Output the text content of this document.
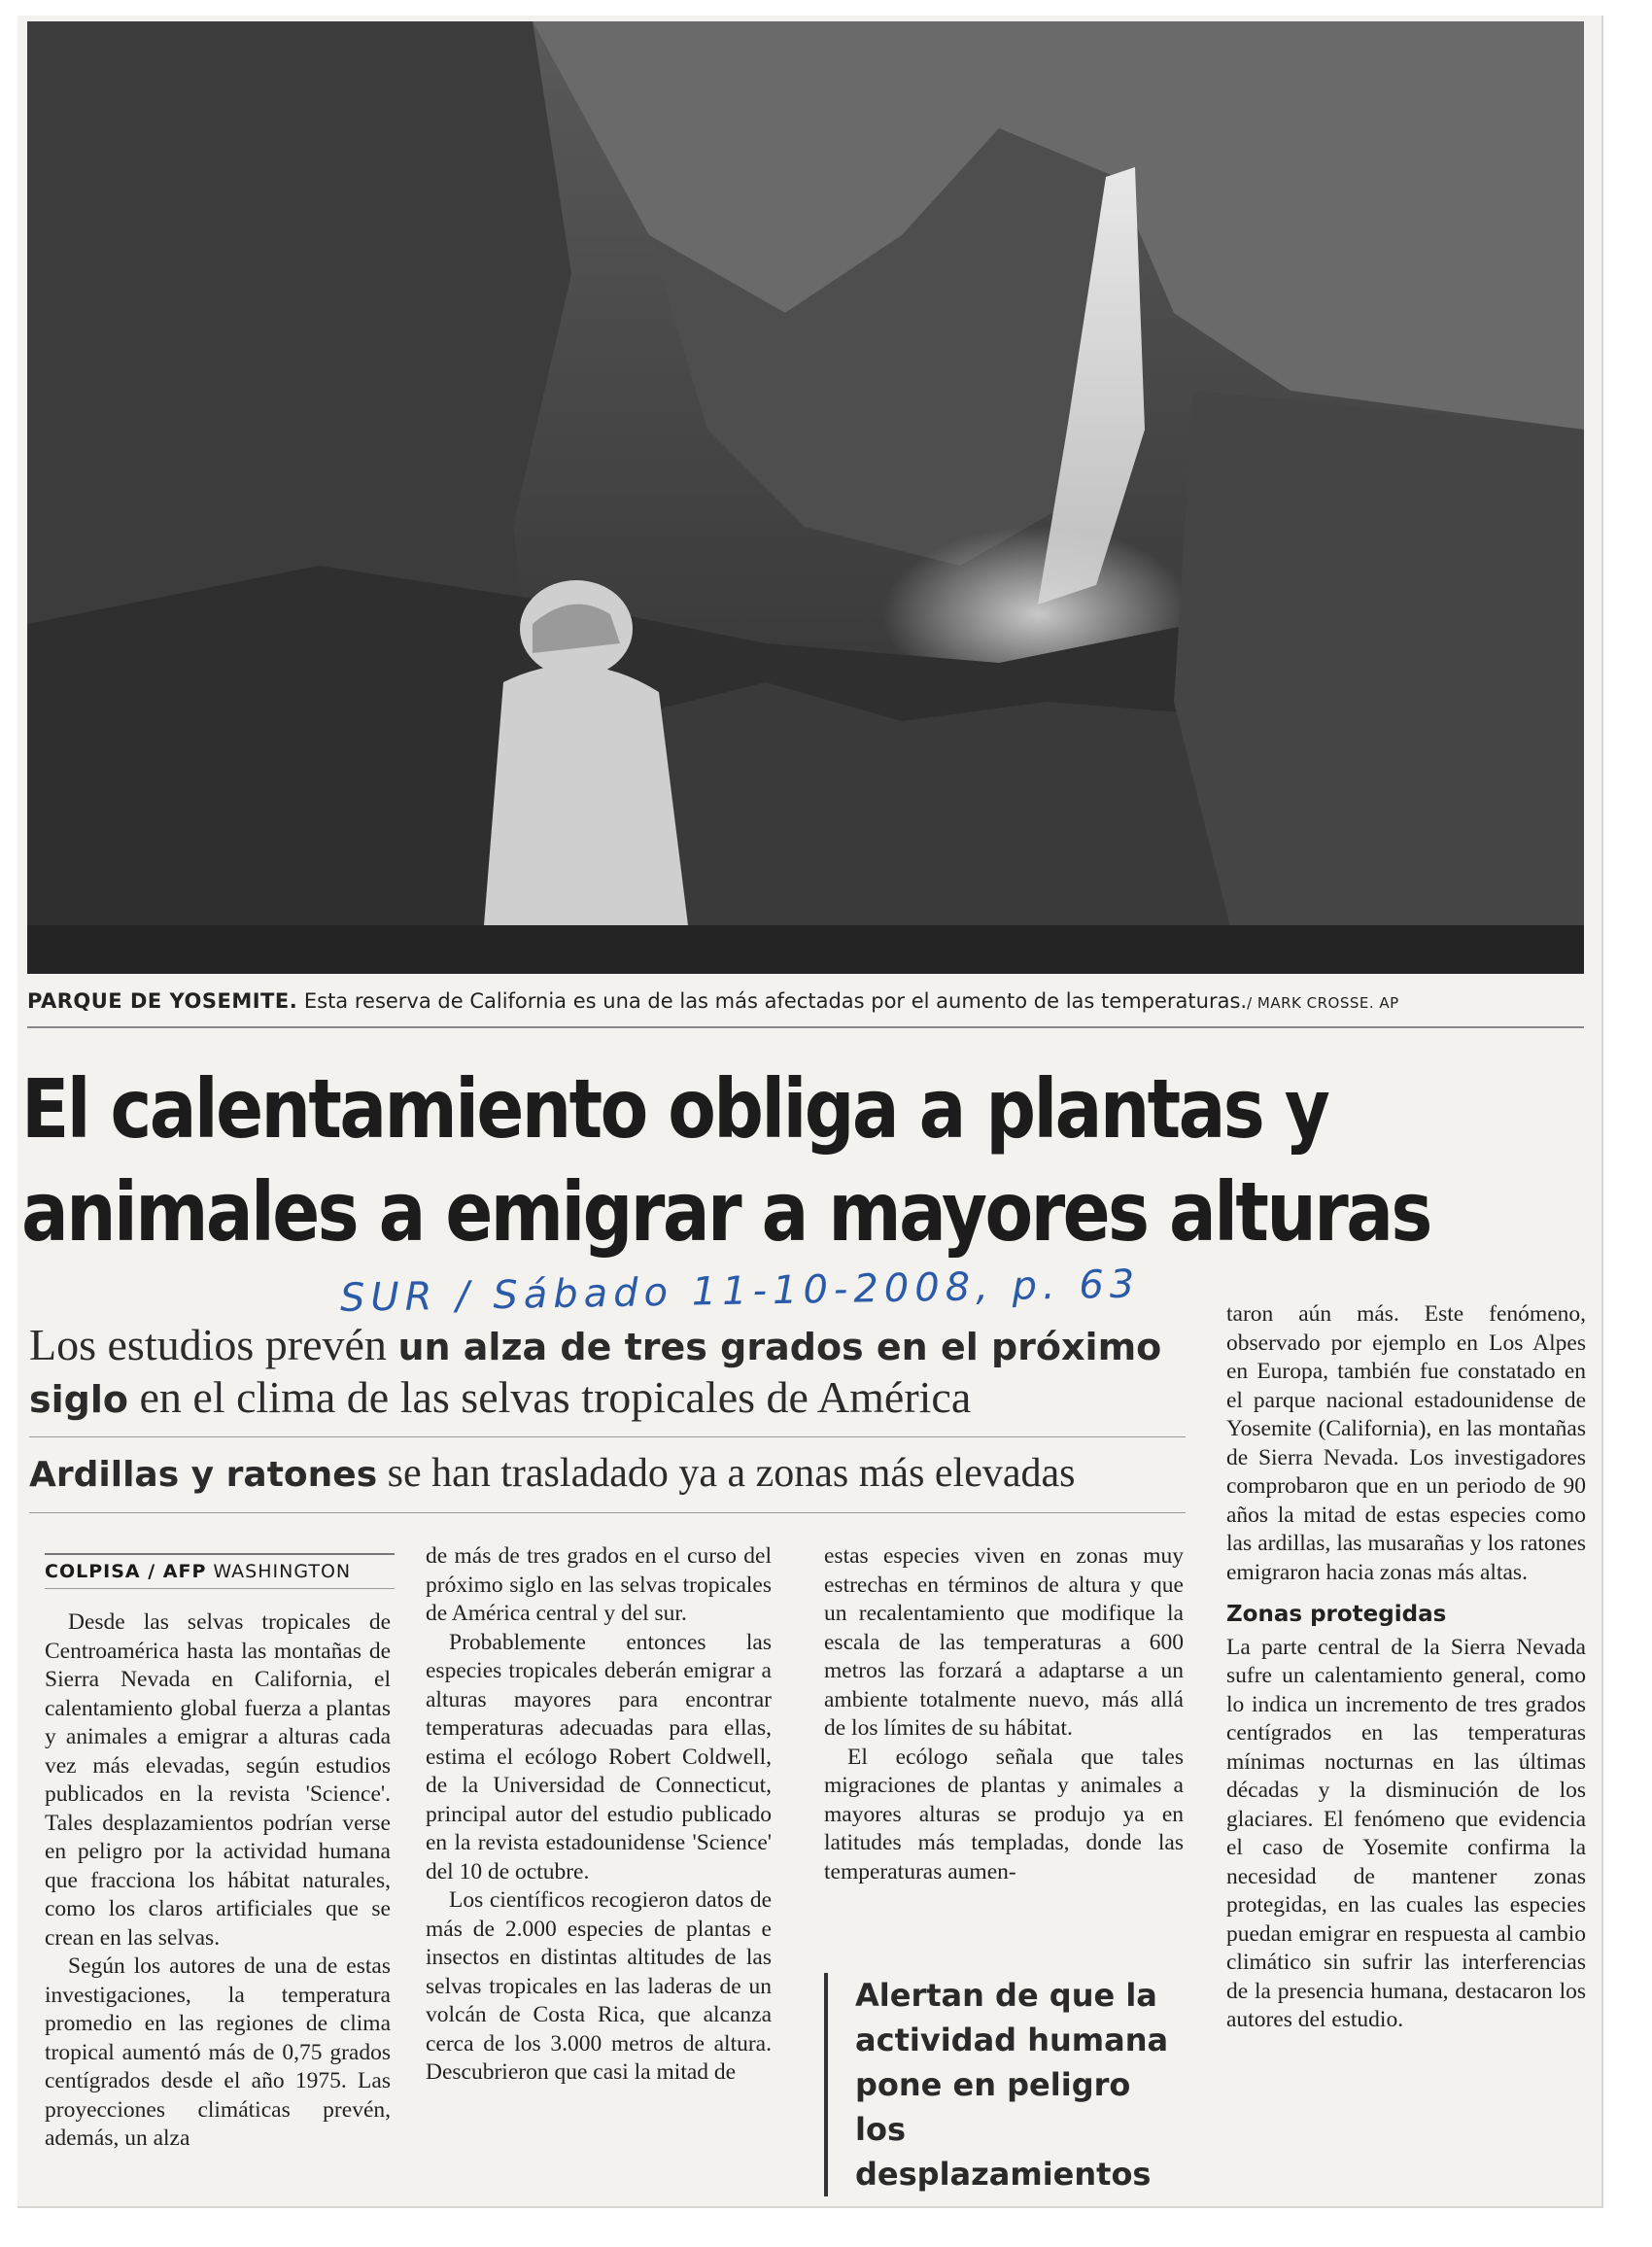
PARQUE DE YOSEMITE. Esta reserva de California es una de las más afectadas por el aumento de las temperaturas./ MARK CROSSE. AP
El calentamiento obliga a plantas y
animales a emigrar a mayores alturas
SUR / Sábado 11-10-2008, p. 63
Los estudios prevén un alza de tres grados en el próximo
siglo en el clima de las selvas tropicales de América
Ardillas y ratones se han trasladado ya a zonas más elevadas
COLPISA / AFP WASHINGTON

Desde las selvas tropicales de Centroamérica hasta las montañas de Sierra Nevada en California, el calentamiento global fuerza a plantas y animales a emigrar a alturas cada vez más elevadas, según estudios publicados en la revista 'Science'. Tales desplazamientos podrían verse en peligro por la actividad humana que fracciona los hábitat naturales, como los claros artificiales que se crean en las selvas.

Según los autores de una de estas investigaciones, la temperatura promedio en las regiones de clima tropical aumentó más de 0,75 grados centígrados desde el año 1975. Las proyecciones climáticas prevén, además, un alza

de más de tres grados en el curso del próximo siglo en las selvas tropicales de América central y del sur.

Probablemente entonces las especies tropicales deberán emigrar a alturas mayores para encontrar temperaturas adecuadas para ellas, estima el ecólogo Robert Coldwell, de la Universidad de Connecticut, principal autor del estudio publicado en la revista estadounidense 'Science' del 10 de octubre.

Los científicos recogieron datos de más de 2.000 especies de plantas e insectos en distintas altitudes de las selvas tropicales en las laderas de un volcán de Costa Rica, que alcanza cerca de los 3.000 metros de altura. Descubrieron que casi la mitad de

estas especies viven en zonas muy estrechas en términos de altura y que un recalentamiento que modifique la escala de las temperaturas a 600 metros las forzará a adaptarse a un ambiente totalmente nuevo, más allá de los límites de su hábitat.

El ecólogo señala que tales migraciones de plantas y animales a mayores alturas se produjo ya en latitudes más templadas, donde las temperaturas aumen-

Alertan de que la actividad humana pone en peligro los desplazamientos

taron aún más. Este fenómeno, observado por ejemplo en Los Alpes en Europa, también fue constatado en el parque nacional estadounidense de Yosemite (California), en las montañas de Sierra Nevada. Los investigadores comprobaron que en un periodo de 90 años la mitad de estas especies como las ardillas, las musarañas y los ratones emigraron hacia zonas más altas.

Zonas protegidas

La parte central de la Sierra Nevada sufre un calentamiento general, como lo indica un incremento de tres grados centígrados en las temperaturas mínimas nocturnas en las últimas décadas y la disminución de los glaciares. El fenómeno que evidencia el caso de Yosemite confirma la necesidad de mantener zonas protegidas, en las cuales las especies puedan emigrar en respuesta al cambio climático sin sufrir las interferencias de la presencia humana, destacaron los autores del estudio.
